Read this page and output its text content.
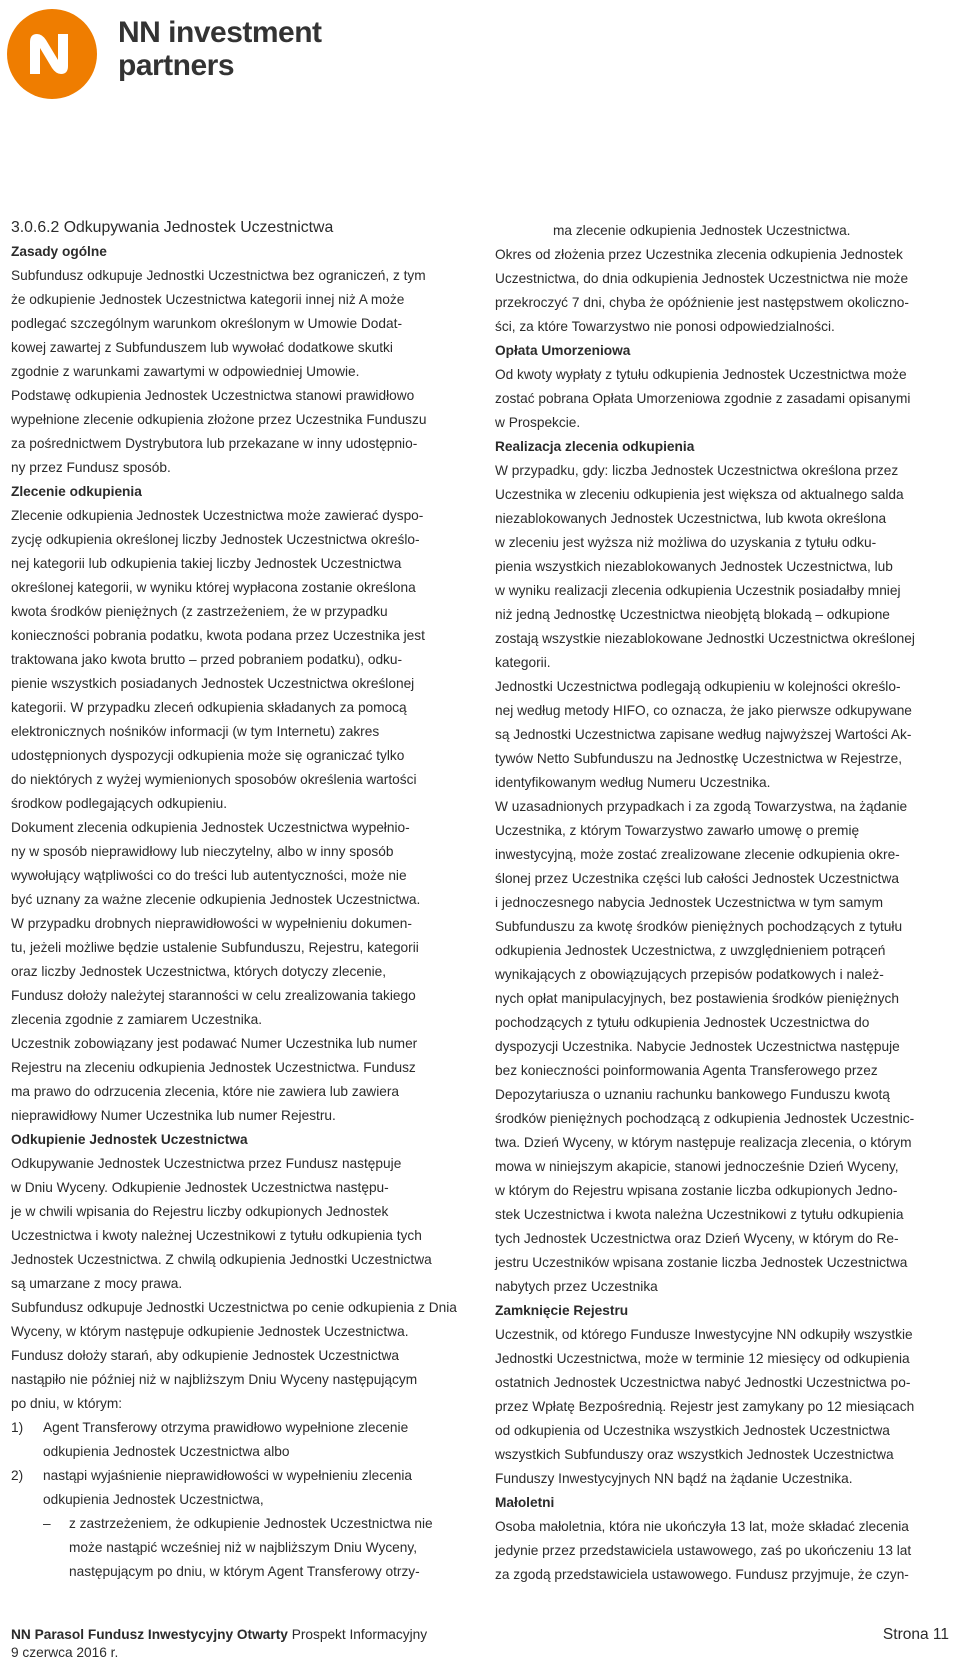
NN investment
partners
3.0.6.2 Odkupywania Jednostek Uczestnictwa
Zasady ogólne
Subfundusz odkupuje Jednostki Uczestnictwa bez ograniczeń, z tym
że odkupienie Jednostek Uczestnictwa kategorii innej niż A może
podlegać szczególnym warunkom określonym w Umowie Dodat-
kowej zawartej z Subfunduszem lub wywołać dodatkowe skutki
zgodnie z warunkami zawartymi w odpowiedniej Umowie.
Podstawę odkupienia Jednostek Uczestnictwa stanowi prawidłowo
wypełnione zlecenie odkupienia złożone przez Uczestnika Funduszu
za pośrednictwem Dystrybutora lub przekazane w inny udostępnio-
ny przez Fundusz sposób.
Zlecenie odkupienia
Zlecenie odkupienia Jednostek Uczestnictwa może zawierać dyspo-
zycję odkupienia określonej liczby Jednostek Uczestnictwa określo-
nej kategorii lub odkupienia takiej liczby Jednostek Uczestnictwa
określonej kategorii, w wyniku której wypłacona zostanie określona
kwota środków pieniężnych (z zastrzeżeniem, że w przypadku
konieczności pobrania podatku, kwota podana przez Uczestnika jest
traktowana jako kwota brutto – przed pobraniem podatku), odku-
pienie wszystkich posiadanych Jednostek Uczestnictwa określonej
kategorii. W przypadku zleceń odkupienia składanych za pomocą
elektronicznych nośników informacji (w tym Internetu) zakres
udostępnionych dyspozycji odkupienia może się ograniczać tylko
do niektórych z wyżej wymienionych sposobów określenia wartości
środkow podlegających odkupieniu.
Dokument zlecenia odkupienia Jednostek Uczestnictwa wypełnio-
ny w sposób nieprawidłowy lub nieczytelny, albo w inny sposób
wywołujący wątpliwości co do treści lub autentyczności, może nie
być uznany za ważne zlecenie odkupienia Jednostek Uczestnictwa.
W przypadku drobnych nieprawidłowości w wypełnieniu dokumen-
tu, jeżeli możliwe będzie ustalenie Subfunduszu, Rejestru, kategorii
oraz liczby Jednostek Uczestnictwa, których dotyczy zlecenie,
Fundusz dołoży należytej staranności w celu zrealizowania takiego
zlecenia zgodnie z zamiarem Uczestnika.
Uczestnik zobowiązany jest podawać Numer Uczestnika lub numer
Rejestru na zleceniu odkupienia Jednostek Uczestnictwa. Fundusz
ma prawo do odrzucenia zlecenia, które nie zawiera lub zawiera
nieprawidłowy Numer Uczestnika lub numer Rejestru.
Odkupienie Jednostek Uczestnictwa
Odkupywanie Jednostek Uczestnictwa przez Fundusz następuje
w Dniu Wyceny. Odkupienie Jednostek Uczestnictwa następu-
je w chwili wpisania do Rejestru liczby odkupionych Jednostek
Uczestnictwa i kwoty należnej Uczestnikowi z tytułu odkupienia tych
Jednostek Uczestnictwa. Z chwilą odkupienia Jednostki Uczestnictwa
są umarzane z mocy prawa.
Subfundusz odkupuje Jednostki Uczestnictwa po cenie odkupienia z Dnia
Wyceny, w którym następuje odkupienie Jednostek Uczestnictwa.
Fundusz dołoży starań, aby odkupienie Jednostek Uczestnictwa
nastąpiło nie później niż w najbliższym Dniu Wyceny następującym
po dniu, w którym:
1) Agent Transferowy otrzyma prawidłowo wypełnione zlecenie
odkupienia Jednostek Uczestnictwa albo
2) nastąpi wyjaśnienie nieprawidłowości w wypełnieniu zlecenia
odkupienia Jednostek Uczestnictwa,
– z zastrzeżeniem, że odkupienie Jednostek Uczestnictwa nie
może nastąpić wcześniej niż w najbliższym Dniu Wyceny,
następującym po dniu, w którym Agent Transferowy otrzy-
ma zlecenie odkupienia Jednostek Uczestnictwa.
Okres od złożenia przez Uczestnika zlecenia odkupienia Jednostek
Uczestnictwa, do dnia odkupienia Jednostek Uczestnictwa nie może
przekroczyć 7 dni, chyba że opóźnienie jest następstwem okoliczno-
ści, za które Towarzystwo nie ponosi odpowiedzialności.
Opłata Umorzeniowa
Od kwoty wypłaty z tytułu odkupienia Jednostek Uczestnictwa może
zostać pobrana Opłata Umorzeniowa zgodnie z zasadami opisanymi
w Prospekcie.
Realizacja zlecenia odkupienia
W przypadku, gdy: liczba Jednostek Uczestnictwa określona przez
Uczestnika w zleceniu odkupienia jest większa od aktualnego salda
niezablokowanych Jednostek Uczestnictwa, lub kwota określona
w zleceniu jest wyższa niż możliwa do uzyskania z tytułu odku-
pienia wszystkich niezablokowanych Jednostek Uczestnictwa, lub
w wyniku realizacji zlecenia odkupienia Uczestnik posiadałby mniej
niż jedną Jednostkę Uczestnictwa nieobjętą blokadą – odkupione
zostają wszystkie niezablokowane Jednostki Uczestnictwa określonej
kategorii.
Jednostki Uczestnictwa podlegają odkupieniu w kolejności określo-
nej według metody HIFO, co oznacza, że jako pierwsze odkupywane
są Jednostki Uczestnictwa zapisane według najwyższej Wartości Ak-
tywów Netto Subfunduszu na Jednostkę Uczestnictwa w Rejestrze,
identyfikowanym według Numeru Uczestnika.
W uzasadnionych przypadkach i za zgodą Towarzystwa, na żądanie
Uczestnika, z którym Towarzystwo zawarło umowę o premię
inwestycyjną, może zostać zrealizowane zlecenie odkupienia okre-
ślonej przez Uczestnika części lub całości Jednostek Uczestnictwa
i jednoczesnego nabycia Jednostek Uczestnictwa w tym samym
Subfunduszu za kwotę środków pieniężnych pochodzących z tytułu
odkupienia Jednostek Uczestnictwa, z uwzględnieniem potrąceń
wynikających z obowiązujących przepisów podatkowych i należ-
nych opłat manipulacyjnych, bez postawienia środków pieniężnych
pochodzących z tytułu odkupienia Jednostek Uczestnictwa do
dyspozycji Uczestnika. Nabycie Jednostek Uczestnictwa następuje
bez konieczności poinformowania Agenta Transferowego przez
Depozytariusza o uznaniu rachunku bankowego Funduszu kwotą
środków pieniężnych pochodzącą z odkupienia Jednostek Uczestnic-
twa. Dzień Wyceny, w którym następuje realizacja zlecenia, o którym
mowa w niniejszym akapicie, stanowi jednocześnie Dzień Wyceny,
w którym do Rejestru wpisana zostanie liczba odkupionych Jedno-
stek Uczestnictwa i kwota należna Uczestnikowi z tytułu odkupienia
tych Jednostek Uczestnictwa oraz Dzień Wyceny, w którym do Re-
jestru Uczestników wpisana zostanie liczba Jednostek Uczestnictwa
nabytych przez Uczestnika
Zamknięcie Rejestru
Uczestnik, od którego Fundusze Inwestycyjne NN odkupiły wszystkie
Jednostki Uczestnictwa, może w terminie 12 miesięcy od odkupienia
ostatnich Jednostek Uczestnictwa nabyć Jednostki Uczestnictwa po-
przez Wpłatę Bezpośrednią. Rejestr jest zamykany po 12 miesiącach
od odkupienia od Uczestnika wszystkich Jednostek Uczestnictwa
wszystkich Subfunduszy oraz wszystkich Jednostek Uczestnictwa
Funduszy Inwestycyjnych NN bądź na żądanie Uczestnika.
Małoletni
Osoba małoletnia, która nie ukończyła 13 lat, może składać zlecenia
jedynie przez przedstawiciela ustawowego, zaś po ukończeniu 13 lat
za zgodą przedstawiciela ustawowego. Fundusz przyjmuje, że czyn-
NN Parasol Fundusz Inwestycyjny Otwarty Prospekt Informacyjny
9 czerwca 2016 r.
Strona 11
